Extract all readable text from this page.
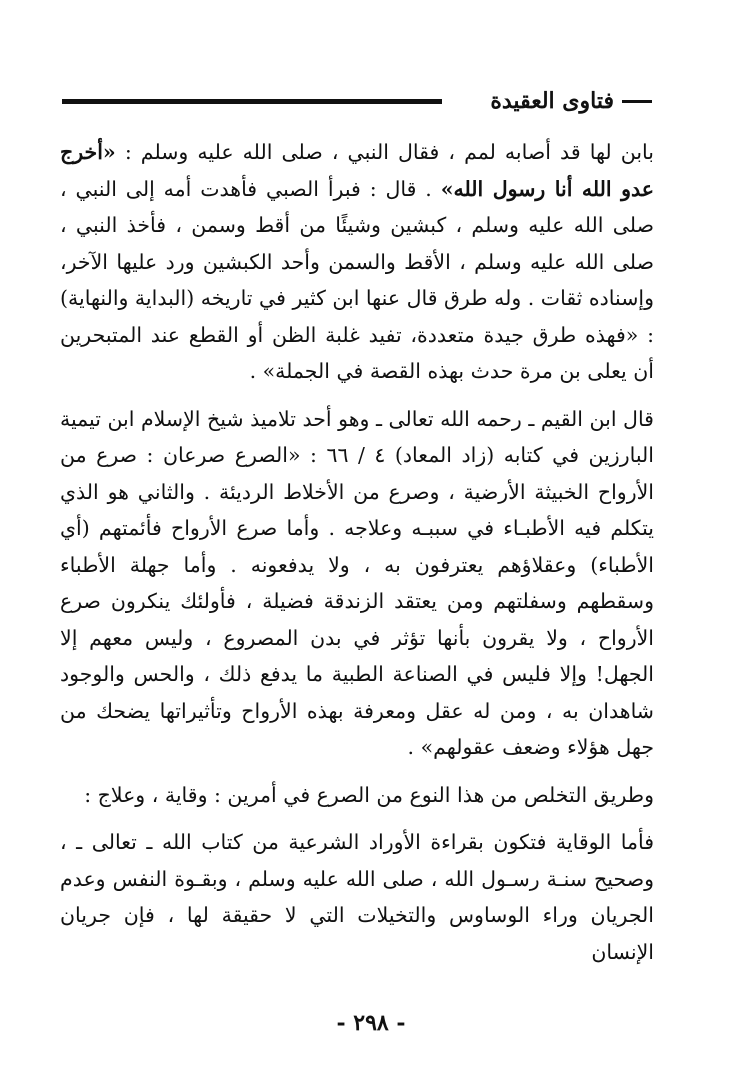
فتاوى العقيدة

بابن لها قد أصابه لمم ، فقال النبي ، صلى الله عليه وسلم : «أخرج عدو الله أنا رسول الله» . قال : فبرأ الصبي فأهدت أمه إلى النبي ، صلى الله عليه وسلم ، كبشين وشيئًا من أقط وسمن ، فأخذ النبي ، صلى الله عليه وسلم ، الأقط والسمن وأحد الكبشين ورد عليها الآخر، وإسناده ثقات . وله طرق قال عنها ابن كثير في تاريخه (البداية والنهاية) : «فهذه طرق جيدة متعددة، تفيد غلبة الظن أو القطع عند المتبحرين أن يعلى بن مرة حدث بهذه القصة في الجملة» .

قال ابن القيم ـ رحمه الله تعالى ـ وهو أحد تلاميذ شيخ الإسلام ابن تيمية البارزين في كتابه (زاد المعاد) ٤ / ٦٦ : «الصرع صرعان : صرع من الأرواح الخبيثة الأرضية ، وصرع من الأخلاط الرديئة . والثاني هو الذي يتكلم فيه الأطبـاء في سببـه وعلاجه . وأما صرع الأرواح فأئمتهم (أي الأطباء) وعقلاؤهم يعترفون به ، ولا يدفعونه . وأما جهلة الأطباء وسقطهم وسفلتهم ومن يعتقد الزندقة فضيلة ، فأولئك ينكرون صرع الأرواح ، ولا يقرون بأنها تؤثر في بدن المصروع ، وليس معهم إلا الجهل! وإلا فليس في الصناعة الطبية ما يدفع ذلك ، والحس والوجود شاهدان به ، ومن له عقل ومعرفة بهذه الأرواح وتأثيراتها يضحك من جهل هؤلاء وضعف عقولهم» .

وطريق التخلص من هذا النوع من الصرع في أمرين : وقاية ، وعلاج :

فأما الوقاية فتكون بقراءة الأوراد الشرعية من كتاب الله ـ تعالى ـ ، وصحيح سنـة رسـول الله ، صلى الله عليه وسلم ، وبقـوة النفس وعدم الجريان وراء الوساوس والتخيلات التي لا حقيقة لها ، فإن جريان الإنسان

- ٢٩٨ -
